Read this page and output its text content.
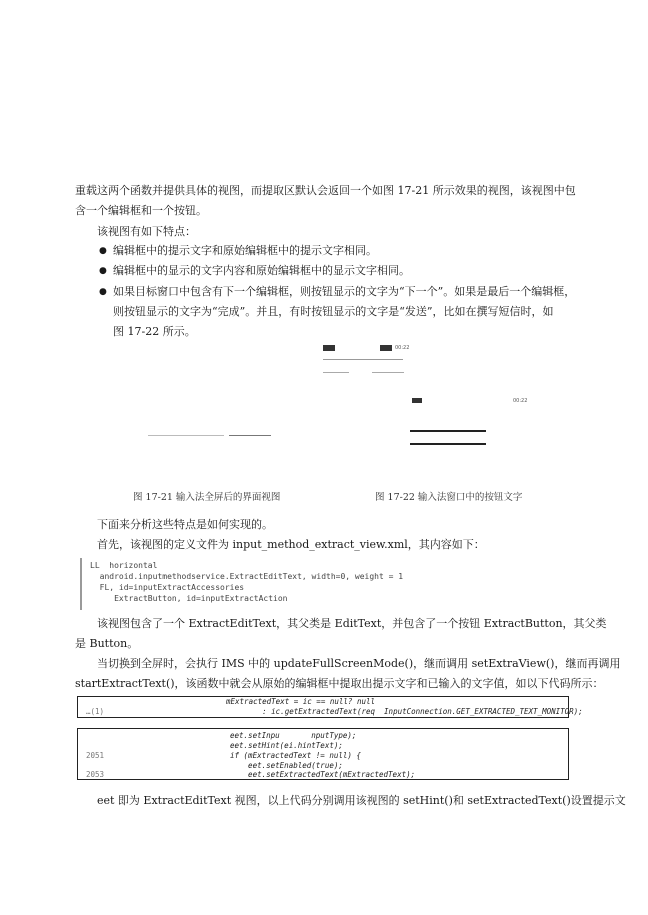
重载这两个函数并提供具体的视图，而提取区默认会返回一个如图 17-21 所示效果的视图，该视图中包
含一个编辑框和一个按钮。
该视图有如下特点：
● 编辑框中的提示文字和原始编辑框中的提示文字相同。
● 编辑框中的显示的文字内容和原始编辑框中的显示文字相同。
● 如果目标窗口中包含有下一个编辑框，则按钮显示的文字为“下一个”。如果是最后一个编辑框，
则按钮显示的文字为“完成”。并且，有时按钮显示的文字是“发送”，比如在撰写短信时，如
图 17-22 所示。
图 17-21 输入法全屏后的界面视图
00:22
00:22
图 17-22 输入法窗口中的按钮文字
下面来分析这些特点是如何实现的。
首先，该视图的定义文件为 input_method_extract_view.xml，其内容如下：
LL  horizontal
android.inputmethodservice.ExtractEditText, width=0, weight = 1
FL, id=inputExtractAccessories
ExtractButton, id=inputExtractAction
该视图包含了一个 ExtractEditText，其父类是 EditText，并包含了一个按钮 ExtractButton，其父类
是 Button。
当切换到全屏时，会执行 IMS 中的 updateFullScreenMode()，继而调用 setExtraView()，继而再调用
startExtractText()，该函数中就会从原始的编辑框中提取出提示文字和已输入的文字值，如以下代码所示：
…(1)
mExtractedText = ic == null? null
: ic.getExtractedText(req  InputConnection.GET_EXTRACTED_TEXT_MONITOR);
eet.setInpu       nputType);
eet.setHint(ei.hintText);
2051	if (mExtractedText != null) {
eet.setEnabled(true);
2053	eet.setExtractedText(mExtractedText);
eet 即为 ExtractEditText 视图，以上代码分别调用该视图的 setHint()和 setExtractedText()设置提示文
